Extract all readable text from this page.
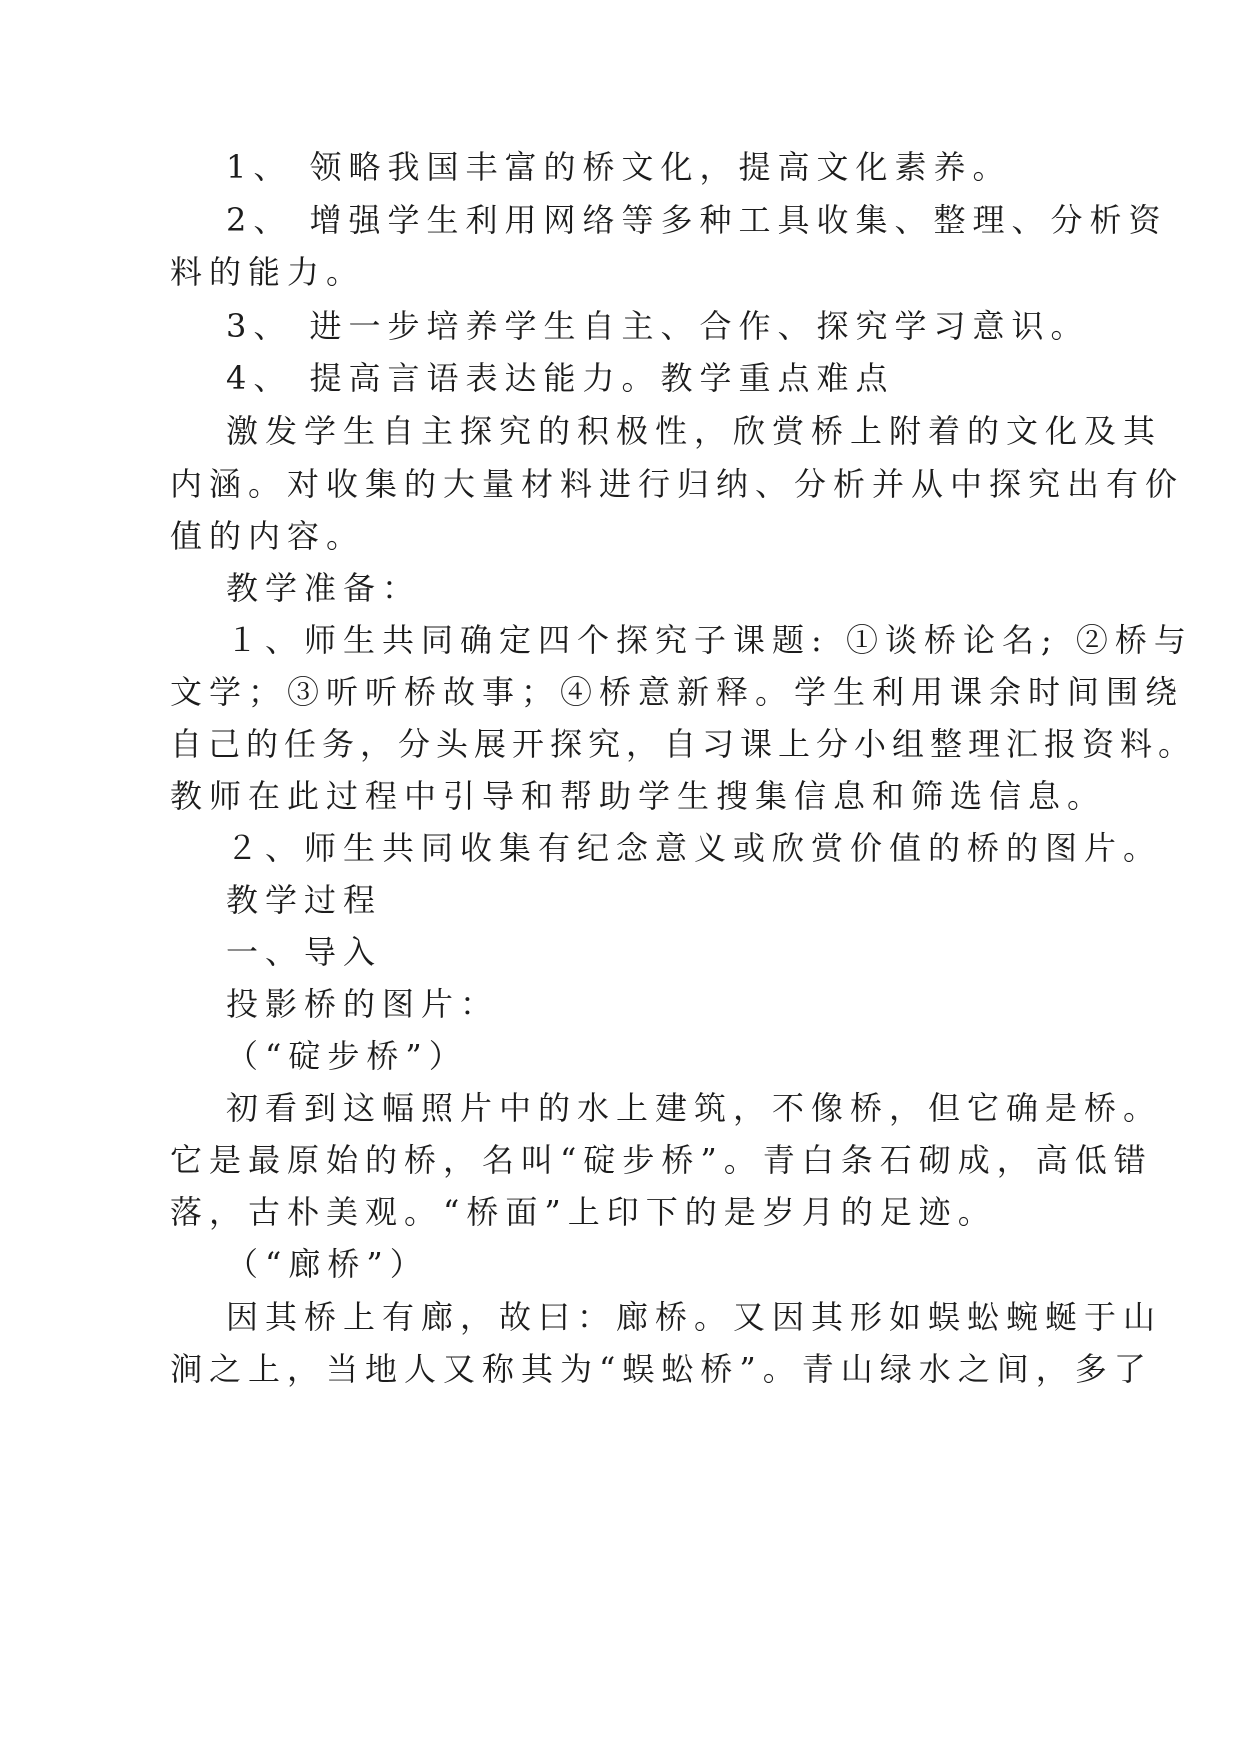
1、 领略我国丰富的桥文化，提高文化素养。
2、 增强学生利用网络等多种工具收集、整理、分析资
料的能力。
3、 进一步培养学生自主、合作、探究学习意识。
4、 提高言语表达能力。教学重点难点
激发学生自主探究的积极性，欣赏桥上附着的文化及其
内涵。对收集的大量材料进行归纳、分析并从中探究出有价
值的内容。
教学准备：
１、师生共同确定四个探究子课题: ①谈桥论名; ②桥与
文学；③听听桥故事；④桥意新释。学生利用课余时间围绕
自己的任务，分头展开探究，自习课上分小组整理汇报资料。
教师在此过程中引导和帮助学生搜集信息和筛选信息。
２、师生共同收集有纪念意义或欣赏价值的桥的图片。
教学过程
一、导入
投影桥的图片：
（“碇步桥”）
初看到这幅照片中的水上建筑，不像桥，但它确是桥。
它是最原始的桥，名叫“碇步桥”。青白条石砌成，高低错
落，古朴美观。“桥面”上印下的是岁月的足迹。
（“廊桥”）
因其桥上有廊，故曰：廊桥。又因其形如蜈蚣蜿蜒于山
涧之上，当地人又称其为“蜈蚣桥”。青山绿水之间，多了
